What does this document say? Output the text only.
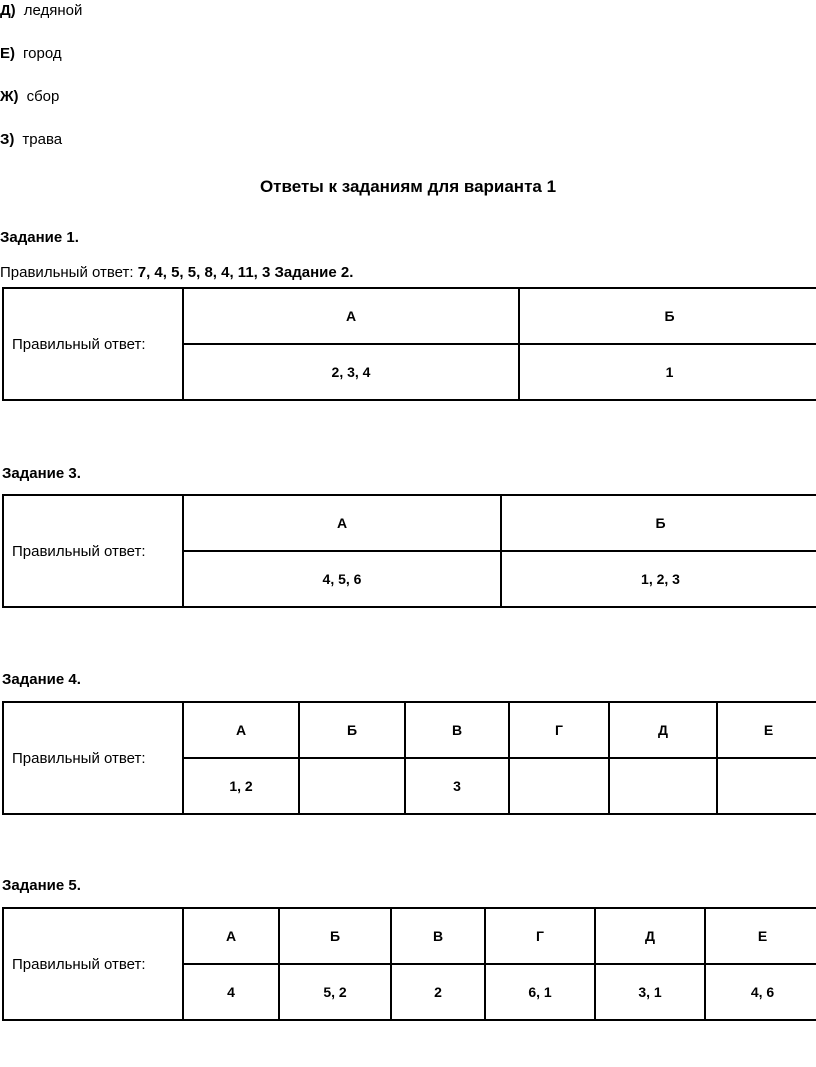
Д) ледяной
Е) город
Ж) сбор
З) трава
Ответы к заданиям для варианта 1
Задание 1.
Правильный ответ: 7, 4, 5, 5, 8, 4, 11, 3 Задание 2.
Правильный ответ:	А	Б
	2, 3, 4	1
Задание 3.
Правильный ответ:	А	Б
	4, 5, 6	1, 2, 3
Задание 4.
Правильный ответ:	А	Б	В	Г	Д	Е
	1, 2		3			
Задание 5.
Правильный ответ:	А	Б	В	Г	Д	Е
	4	5, 2	2	6, 1	3, 1	4, 6
